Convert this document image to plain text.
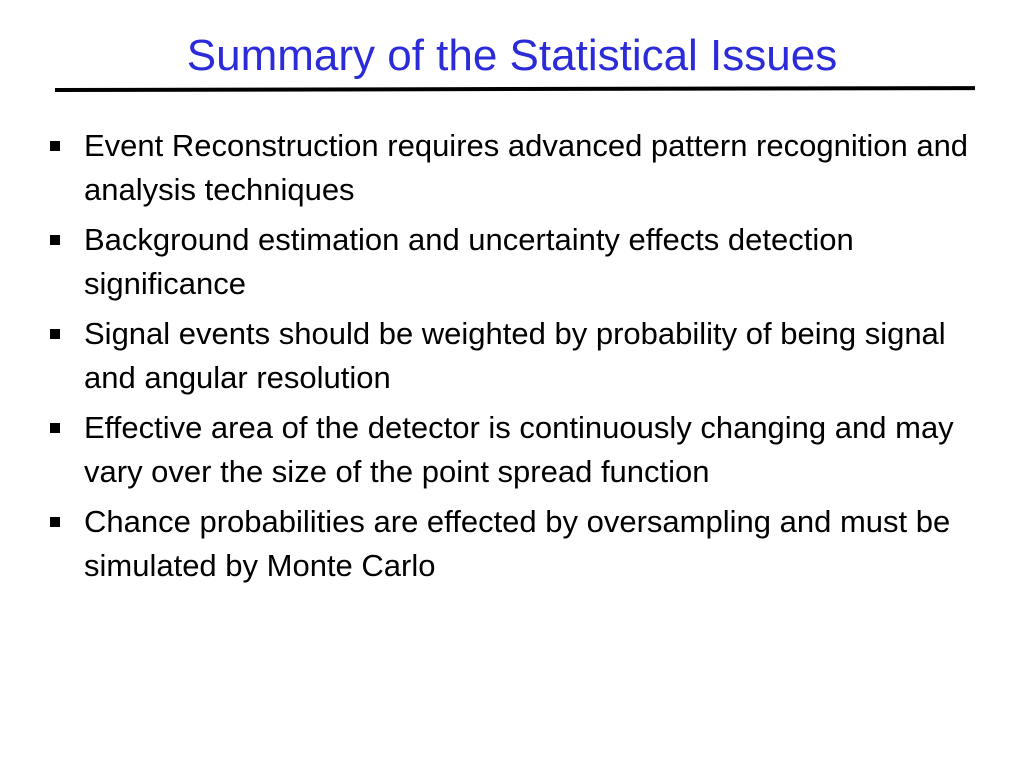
Summary of the Statistical Issues
Event Reconstruction requires advanced pattern recognition and analysis techniques
Background estimation and uncertainty effects detection significance
Signal events should be weighted by probability of being signal and angular resolution
Effective area of the detector is continuously changing and may vary over the size of the point spread function
Chance probabilities are effected by oversampling and must be simulated by Monte Carlo
